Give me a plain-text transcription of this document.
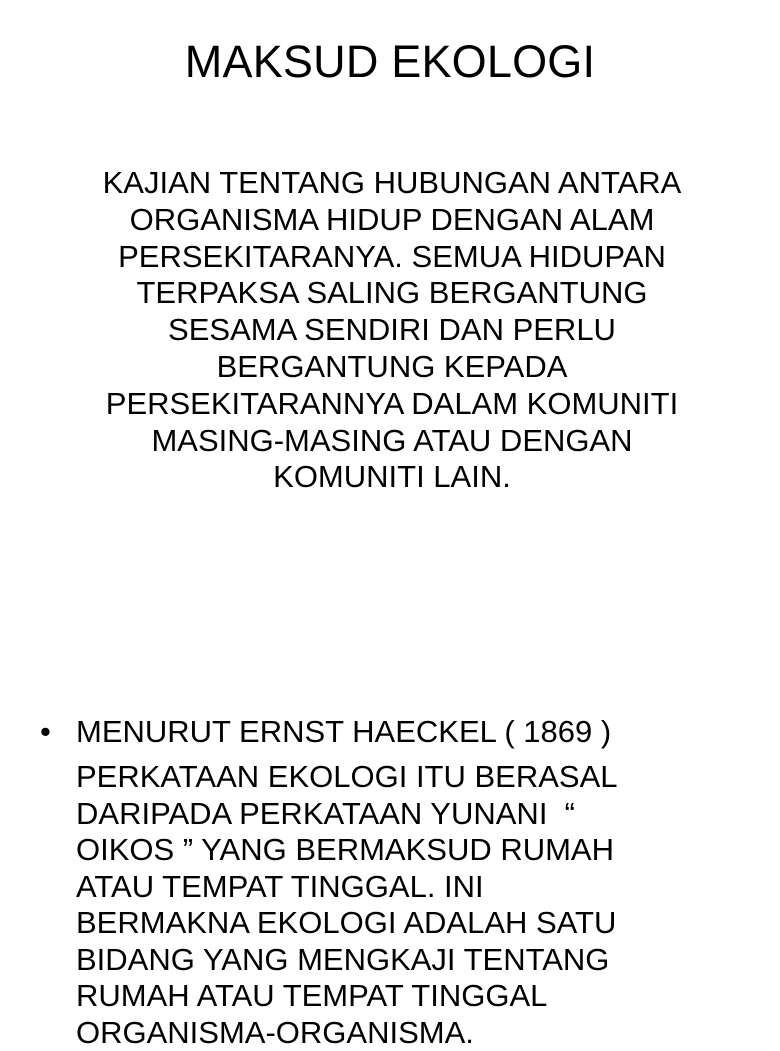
MAKSUD EKOLOGI
KAJIAN TENTANG HUBUNGAN ANTARA
ORGANISMA HIDUP DENGAN ALAM
PERSEKITARANYA. SEMUA HIDUPAN
TERPAKSA SALING BERGANTUNG
SESAMA SENDIRI DAN PERLU
BERGANTUNG KEPADA
PERSEKITARANNYA DALAM KOMUNITI
MASING-MASING ATAU DENGAN
KOMUNITI LAIN.
• MENURUT ERNST HAECKEL ( 1869 )
PERKATAAN EKOLOGI ITU BERASAL
DARIPADA PERKATAAN YUNANI  “
OIKOS ” YANG BERMAKSUD RUMAH
ATAU TEMPAT TINGGAL. INI
BERMAKNA EKOLOGI ADALAH SATU
BIDANG YANG MENGKAJI TENTANG
RUMAH ATAU TEMPAT TINGGAL
ORGANISMA-ORGANISMA.
